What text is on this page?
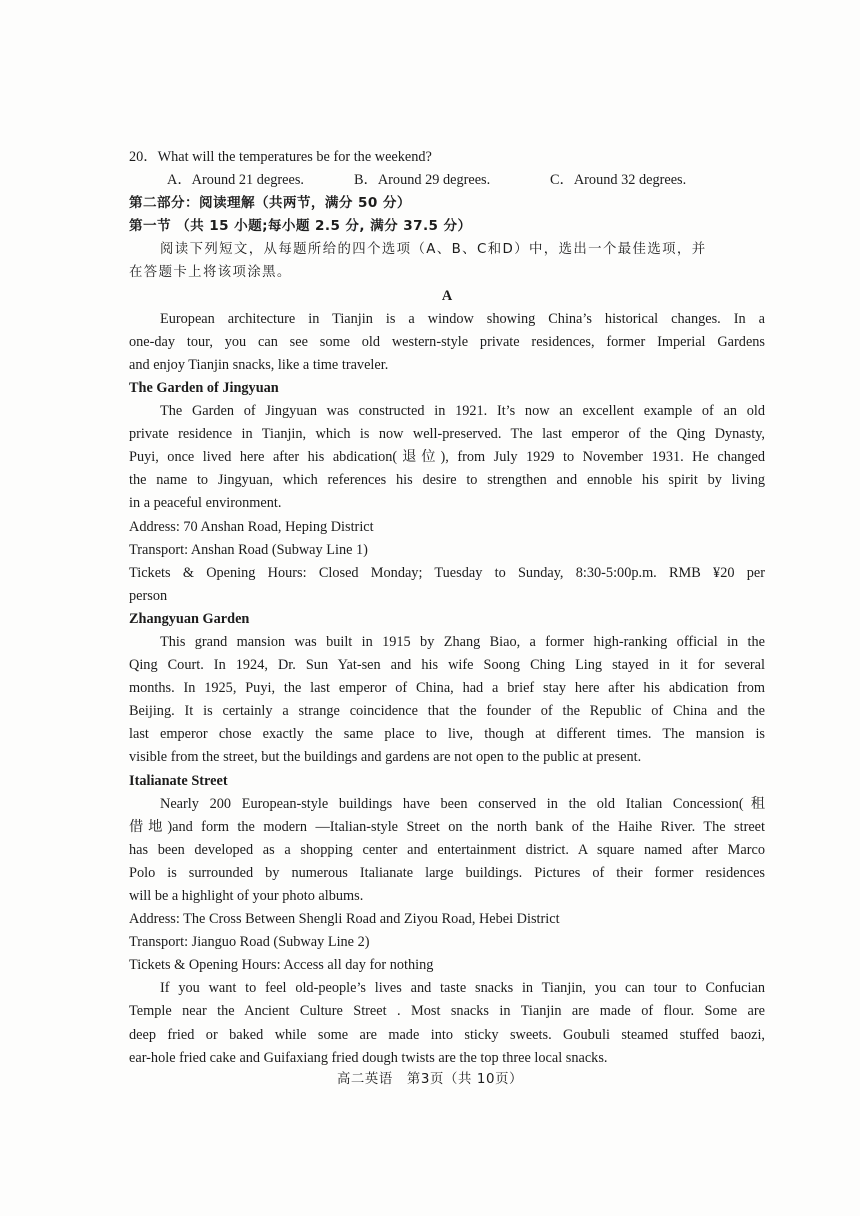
20．What will the temperatures be for the weekend?
A．Around 21 degrees.	B．Around 29 degrees.	C．Around 32 degrees.
第二部分：阅读理解（共两节，满分 50 分）
第一节 （共 15 小题;每小题 2.5 分, 满分 37.5 分）
阅读下列短文，从每题所给的四个选项（A、B、C和D）中，选出一个最佳选项，并
在答题卡上将该项涂黑。
A
European architecture in Tianjin is a window showing China’s historical changes. In a
one-day tour, you can see some old western-style private residences, former Imperial Gardens
and enjoy Tianjin snacks, like a time traveler.
The Garden of Jingyuan
The Garden of Jingyuan was constructed in 1921. It’s now an excellent example of an old
private residence in Tianjin, which is now well-preserved. The last emperor of the Qing Dynasty,
Puyi, once lived here after his abdication(退位), from July 1929 to November 1931. He changed
the name to Jingyuan, which references his desire to strengthen and ennoble his spirit by living
in a peaceful environment.
Address: 70 Anshan Road, Heping District
Transport: Anshan Road (Subway Line 1)
Tickets & Opening Hours: Closed Monday; Tuesday to Sunday, 8:30-5:00p.m. RMB ¥20 per
person
Zhangyuan Garden
This grand mansion was built in 1915 by Zhang Biao, a former high-ranking official in the
Qing Court. In 1924, Dr. Sun Yat-sen and his wife Soong Ching Ling stayed in it for several
months. In 1925, Puyi, the last emperor of China, had a brief stay here after his abdication from
Beijing. It is certainly a strange coincidence that the founder of the Republic of China and the
last emperor chose exactly the same place to live, though at different times. The mansion is
visible from the street, but the buildings and gardens are not open to the public at present.
Italianate Street
Nearly 200 European-style buildings have been conserved in the old Italian Concession(租
借地)and form the modern —Italian-style Street on the north bank of the Haihe River. The street
has been developed as a shopping center and entertainment district. A square named after Marco
Polo is surrounded by numerous Italianate large buildings. Pictures of their former residences
will be a highlight of your photo albums.
Address: The Cross Between Shengli Road and Ziyou Road, Hebei District
Transport: Jianguo Road (Subway Line 2)
Tickets & Opening Hours: Access all day for nothing
If you want to feel old-people’s lives and taste snacks in Tianjin, you can tour to Confucian
Temple near the Ancient Culture Street . Most snacks in Tianjin are made of flour. Some are
deep fried or baked while some are made into sticky sweets. Goubuli steamed stuffed baozi,
ear-hole fried cake and Guifaxiang fried dough twists are the top three local snacks.
高二英语　第3页（共 10页）
